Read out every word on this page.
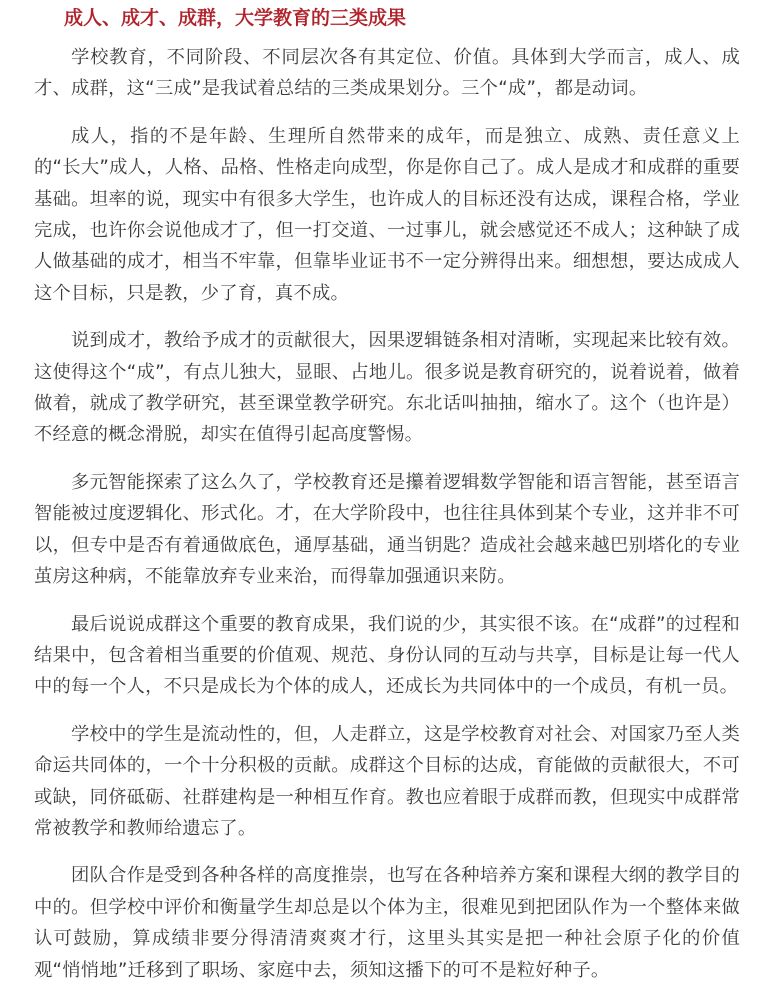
成人、成才、成群，大学教育的三类成果

学校教育，不同阶段、不同层次各有其定位、价值。具体到大学而言，成人、成才、成群，这“三成”是我试着总结的三类成果划分。三个“成”，都是动词。

成人，指的不是年龄、生理所自然带来的成年，而是独立、成熟、责任意义上的“长大”成人，人格、品格、性格走向成型，你是你自己了。成人是成才和成群的重要基础。坦率的说，现实中有很多大学生，也许成人的目标还没有达成，课程合格，学业完成，也许你会说他成才了，但一打交道、一过事儿，就会感觉还不成人；这种缺了成人做基础的成才，相当不牢靠，但靠毕业证书不一定分辨得出来。细想想，要达成成人这个目标，只是教，少了育，真不成。

说到成才，教给予成才的贡献很大，因果逻辑链条相对清晰，实现起来比较有效。这使得这个“成”，有点儿独大，显眼、占地儿。很多说是教育研究的，说着说着，做着做着，就成了教学研究，甚至课堂教学研究。东北话叫抽抽，缩水了。这个（也许是）不经意的概念滑脱，却实在值得引起高度警惕。

多元智能探索了这么久了，学校教育还是攥着逻辑数学智能和语言智能，甚至语言智能被过度逻辑化、形式化。才，在大学阶段中，也往往具体到某个专业，这并非不可以，但专中是否有着通做底色，通厚基础，通当钥匙？造成社会越来越巴别塔化的专业茧房这种病，不能靠放弃专业来治，而得靠加强通识来防。

最后说说成群这个重要的教育成果，我们说的少，其实很不该。在“成群”的过程和结果中，包含着相当重要的价值观、规范、身份认同的互动与共享，目标是让每一代人中的每一个人，不只是成长为个体的成人，还成长为共同体中的一个成员，有机一员。

学校中的学生是流动性的，但，人走群立，这是学校教育对社会、对国家乃至人类命运共同体的，一个十分积极的贡献。成群这个目标的达成，育能做的贡献很大，不可或缺，同侪砥砺、社群建构是一种相互作育。教也应着眼于成群而教，但现实中成群常常被教学和教师给遗忘了。

团队合作是受到各种各样的高度推崇，也写在各种培养方案和课程大纲的教学目的中的。但学校中评价和衡量学生却总是以个体为主，很难见到把团队作为一个整体来做认可鼓励，算成绩非要分得清清爽爽才行，这里头其实是把一种社会原子化的价值观“悄悄地”迁移到了职场、家庭中去，须知这播下的可不是粒好种子。
